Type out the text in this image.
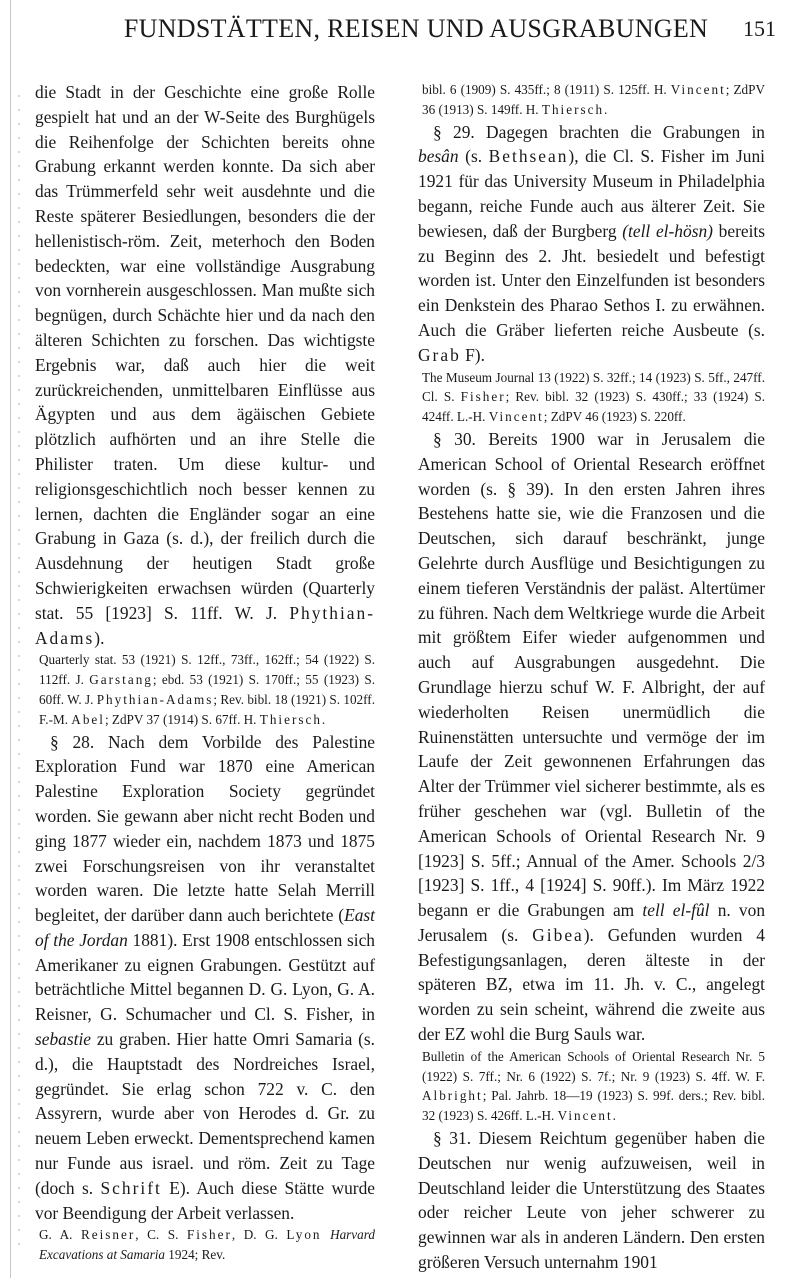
FUNDSTÄTTEN, REISEN UND AUSGRABUNGEN	151

die Stadt in der Geschichte eine große Rolle gespielt hat und an der W-Seite des Burghügels die Reihenfolge der Schichten bereits ohne Grabung erkannt werden konnte. Da sich aber das Trümmerfeld sehr weit ausdehnte und die Reste späterer Besiedlungen, besonders die der hellenistisch-röm. Zeit, meterhoch den Boden bedeckten, war eine vollständige Ausgrabung von vornherein ausgeschlossen. Man mußte sich begnügen, durch Schächte hier und da nach den älteren Schichten zu forschen. Das wichtigste Ergebnis war, daß auch hier die weit zurückreichenden, unmittelbaren Einflüsse aus Ägypten und aus dem ägäischen Gebiete plötzlich aufhörten und an ihre Stelle die Philister traten. Um diese kultur- und religionsgeschichtlich noch besser kennen zu lernen, dachten die Engländer sogar an eine Grabung in Gaza (s. d.), der freilich durch die Ausdehnung der heutigen Stadt große Schwierigkeiten erwachsen würden (Quarterly stat. 55 [1923] S. 11ff. W. J. Phythian-Adams).

Quarterly stat. 53 (1921) S. 12ff., 73ff., 162ff.; 54 (1922) S. 112ff. J. Garstang; ebd. 53 (1921) S. 170ff.; 55 (1923) S. 60ff. W. J. Phythian-Adams; Rev. bibl. 18 (1921) S. 102ff. F.-M. Abel; ZdPV 37 (1914) S. 67ff. H. Thiersch.

§ 28. Nach dem Vorbilde des Palestine Exploration Fund war 1870 eine American Palestine Exploration Society gegründet worden. Sie gewann aber nicht recht Boden und ging 1877 wieder ein, nachdem 1873 und 1875 zwei Forschungsreisen von ihr veranstaltet worden waren. Die letzte hatte Selah Merrill begleitet, der darüber dann auch berichtete (East of the Jordan 1881). Erst 1908 entschlossen sich Amerikaner zu eignen Grabungen. Gestützt auf beträchtliche Mittel begannen D. G. Lyon, G. A. Reisner, G. Schumacher und Cl. S. Fisher, in sebastie zu graben. Hier hatte Omri Samaria (s. d.), die Hauptstadt des Nordreiches Israel, gegründet. Sie erlag schon 722 v. C. den Assyrern, wurde aber von Herodes d. Gr. zu neuem Leben erweckt. Dementsprechend kamen nur Funde aus israel. und röm. Zeit zu Tage (doch s. Schrift E). Auch diese Stätte wurde vor Beendigung der Arbeit verlassen.

G. A. Reisner, C. S. Fisher, D. G. Lyon Harvard Excavations at Samaria 1924; Rev.

bibl. 6 (1909) S. 435ff.; 8 (1911) S. 125ff. H. Vincent; ZdPV 36 (1913) S. 149ff. H. Thiersch.

§ 29. Dagegen brachten die Grabungen in besân (s. Bethsean), die Cl. S. Fisher im Juni 1921 für das University Museum in Philadelphia begann, reiche Funde auch aus älterer Zeit. Sie bewiesen, daß der Burgberg (tell el-hösn) bereits zu Beginn des 2. Jht. besiedelt und befestigt worden ist. Unter den Einzelfunden ist besonders ein Denkstein des Pharao Sethos I. zu erwähnen. Auch die Gräber lieferten reiche Ausbeute (s. Grab F).

The Museum Journal 13 (1922) S. 32ff.; 14 (1923) S. 5ff., 247ff. Cl. S. Fisher; Rev. bibl. 32 (1923) S. 430ff.; 33 (1924) S. 424ff. L.-H. Vincent; ZdPV 46 (1923) S. 220ff.

§ 30. Bereits 1900 war in Jerusalem die American School of Oriental Research eröffnet worden (s. § 39). In den ersten Jahren ihres Bestehens hatte sie, wie die Franzosen und die Deutschen, sich darauf beschränkt, junge Gelehrte durch Ausflüge und Besichtigungen zu einem tieferen Verständnis der paläst. Altertümer zu führen. Nach dem Weltkriege wurde die Arbeit mit größtem Eifer wieder aufgenommen und auch auf Ausgrabungen ausgedehnt. Die Grundlage hierzu schuf W. F. Albright, der auf wiederholten Reisen unermüdlich die Ruinenstätten untersuchte und vermöge der im Laufe der Zeit gewonnenen Erfahrungen das Alter der Trümmer viel sicherer bestimmte, als es früher geschehen war (vgl. Bulletin of the American Schools of Oriental Research Nr. 9 [1923] S. 5ff.; Annual of the Amer. Schools 2/3 [1923] S. 1ff., 4 [1924] S. 90ff.). Im März 1922 begann er die Grabungen am tell el-fûl n. von Jerusalem (s. Gibea). Gefunden wurden 4 Befestigungsanlagen, deren älteste in der späteren BZ, etwa im 11. Jh. v. C., angelegt worden zu sein scheint, während die zweite aus der EZ wohl die Burg Sauls war.

Bulletin of the American Schools of Oriental Research Nr. 5 (1922) S. 7ff.; Nr. 6 (1922) S. 7f.; Nr. 9 (1923) S. 4ff. W. F. Albright; Pal. Jahrb. 18—19 (1923) S. 99f. ders.; Rev. bibl. 32 (1923) S. 426ff. L.-H. Vincent.

§ 31. Diesem Reichtum gegenüber haben die Deutschen nur wenig aufzuweisen, weil in Deutschland leider die Unterstützung des Staates oder reicher Leute von jeher schwerer zu gewinnen war als in anderen Ländern. Den ersten größeren Versuch unternahm 1901
